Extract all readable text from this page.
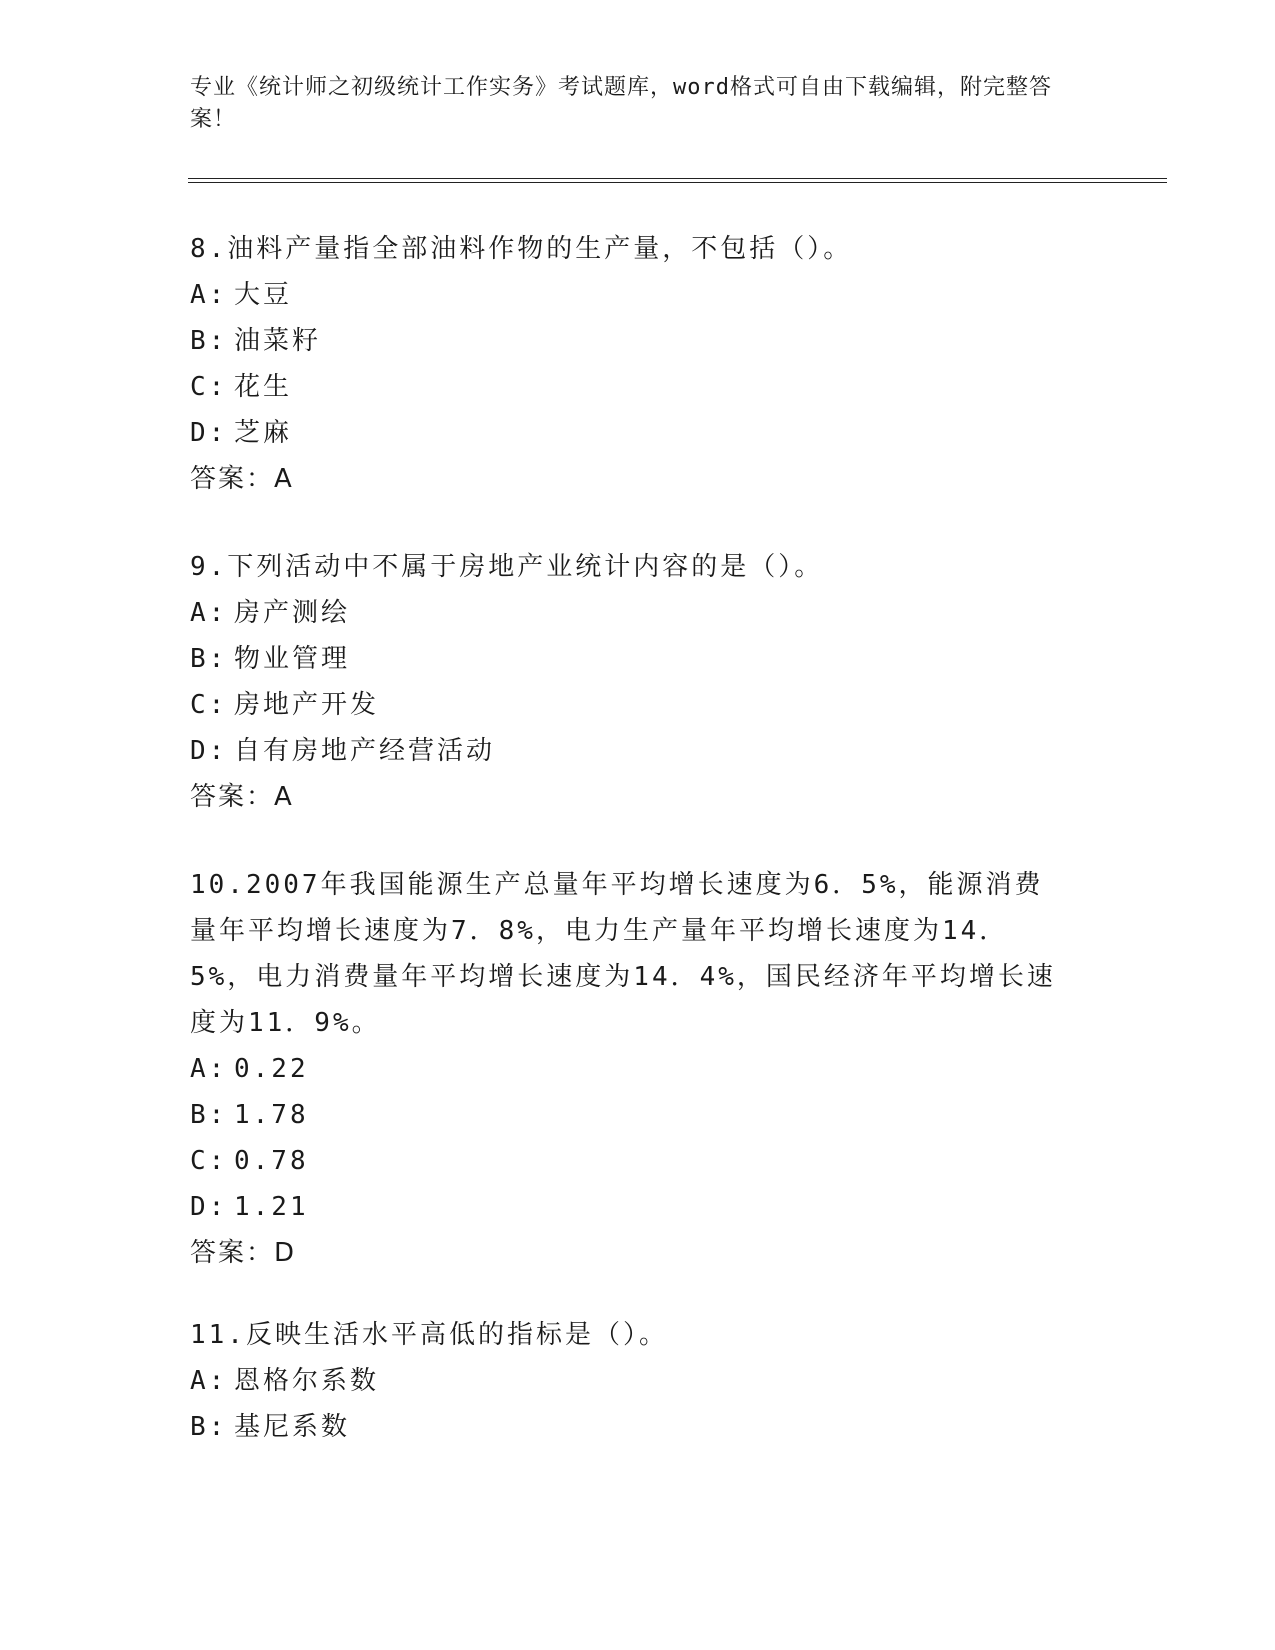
专业《统计师之初级统计工作实务》考试题库，word格式可自由下载编辑，附完整答案！

8.油料产量指全部油料作物的生产量，不包括（）。

A: 大豆

B: 油菜籽

C: 花生

D: 芝麻

答案：A

9.下列活动中不属于房地产业统计内容的是（）。

A: 房产测绘

B: 物业管理

C: 房地产开发

D: 自有房地产经营活动

答案：A

10.2007年我国能源生产总量年平均增长速度为6．5%，能源消费量年平均增长速度为7．8%，电力生产量年平均增长速度为14．5%，电力消费量年平均增长速度为14．4%，国民经济年平均增长速度为11．9%。

A: 0.22

B: 1.78

C: 0.78

D: 1.21

答案：D

11.反映生活水平高低的指标是（）。

A: 恩格尔系数

B: 基尼系数
